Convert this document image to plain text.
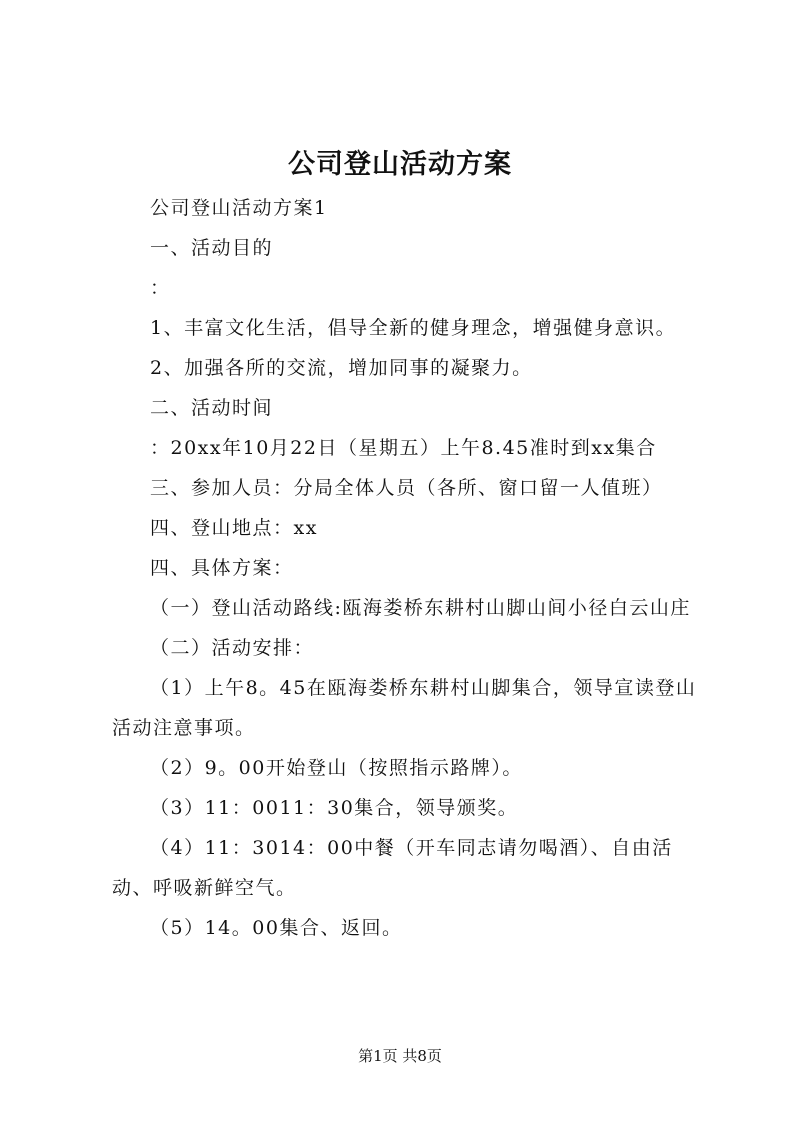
公司登山活动方案

公司登山活动方案1

一、活动目的

：

1、丰富文化生活，倡导全新的健身理念，增强健身意识。

2、加强各所的交流，增加同事的凝聚力。

二、活动时间

：20xx年10月22日（星期五）上午8.45准时到xx集合

三、参加人员：分局全体人员（各所、窗口留一人值班）

四、登山地点：xx

四、具体方案：

（一）登山活动路线:瓯海娄桥东耕村山脚山间小径白云山庄

（二）活动安排：

（1）上午8。45在瓯海娄桥东耕村山脚集合，领导宣读登山活动注意事项。

（2）9。00开始登山（按照指示路牌）。

（3）11：0011：30集合，领导颁奖。

（4）11：3014：00中餐（开车同志请勿喝酒）、自由活动、呼吸新鲜空气。

（5）14。00集合、返回。

第1页 共8页
